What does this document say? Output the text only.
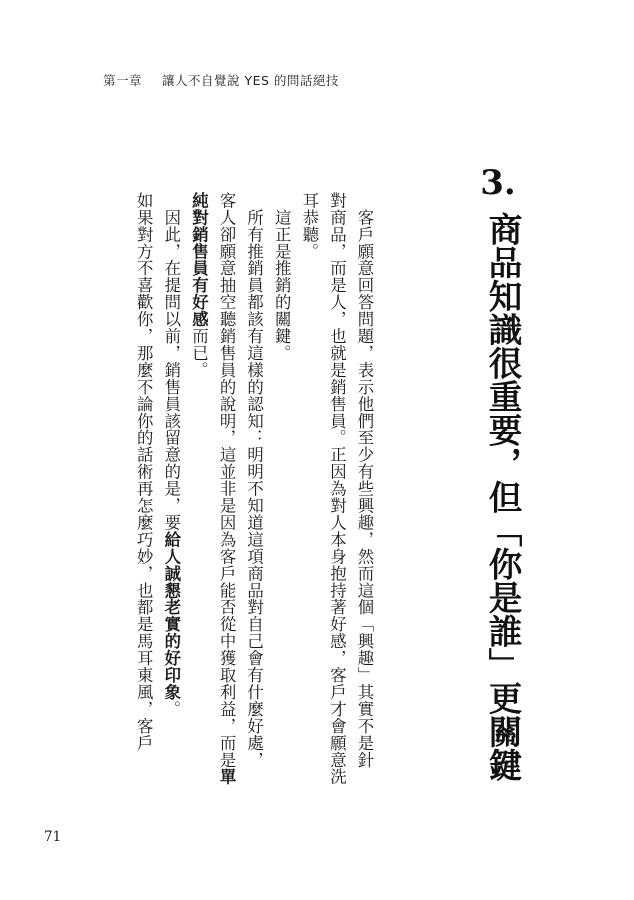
第一章 讓人不自覺說 YES 的問話絕技
3.
商品知識很重要，但「你是誰」更關鍵
　客戶願意回答問題，表示他們至少有些興趣，然而這個「興趣」其實不是針
對商品，而是人，也就是銷售員。正因為對人本身抱持著好感，客戶才會願意洗
耳恭聽。
　這正是推銷的關鍵。
　所有推銷員都該有這樣的認知：明明不知道這項商品對自己會有什麼好處，
客人卻願意抽空聽銷售員的說明，這並非是因為客戶能否從中獲取利益，而是單
純對銷售員有好感而已。
　因此，在提問以前，銷售員該留意的是，要給人誠懇老實的好印象。
如果對方不喜歡你，那麼不論你的話術再怎麼巧妙，也都是馬耳東風，客戶
71
